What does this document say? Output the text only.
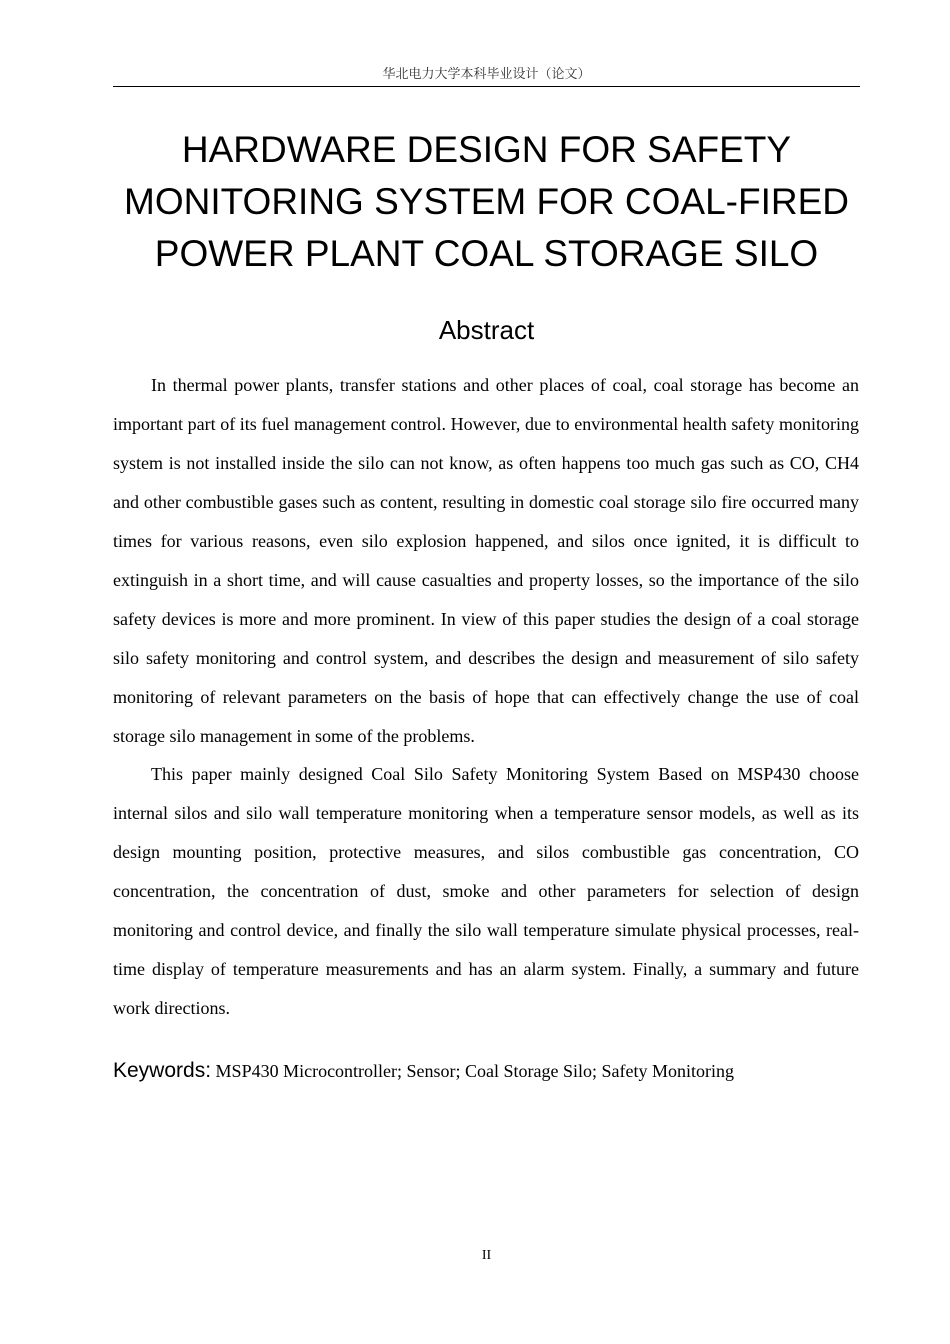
华北电力大学本科毕业设计（论文）
HARDWARE DESIGN FOR SAFETY
MONITORING SYSTEM FOR COAL-FIRED
POWER PLANT COAL STORAGE SILO
Abstract

In thermal power plants, transfer stations and other places of coal, coal storage has become an important part of its fuel management control. However, due to environmental health safety monitoring system is not installed inside the silo can not know, as often happens too much gas such as CO, CH4 and other combustible gases such as content, resulting in domestic coal storage silo fire occurred many times for various reasons, even silo explosion happened, and silos once ignited, it is difficult to extinguish in a short time, and will cause casualties and property losses, so the importance of the silo safety devices is more and more prominent. In view of this paper studies the design of a coal storage silo safety monitoring and control system, and describes the design and measurement of silo safety monitoring of relevant parameters on the basis of hope that can effectively change the use of coal storage silo management in some of the problems.

This paper mainly designed Coal Silo Safety Monitoring System Based on MSP430 choose internal silos and silo wall temperature monitoring when a temperature sensor models, as well as its design mounting position, protective measures, and silos combustible gas concentration, CO concentration, the concentration of dust, smoke and other parameters for selection of design monitoring and control device, and finally the silo wall temperature simulate physical processes, real-time display of temperature measurements and has an alarm system. Finally, a summary and future work directions.

Keywords: MSP430 Microcontroller; Sensor; Coal Storage Silo; Safety Monitoring
II
